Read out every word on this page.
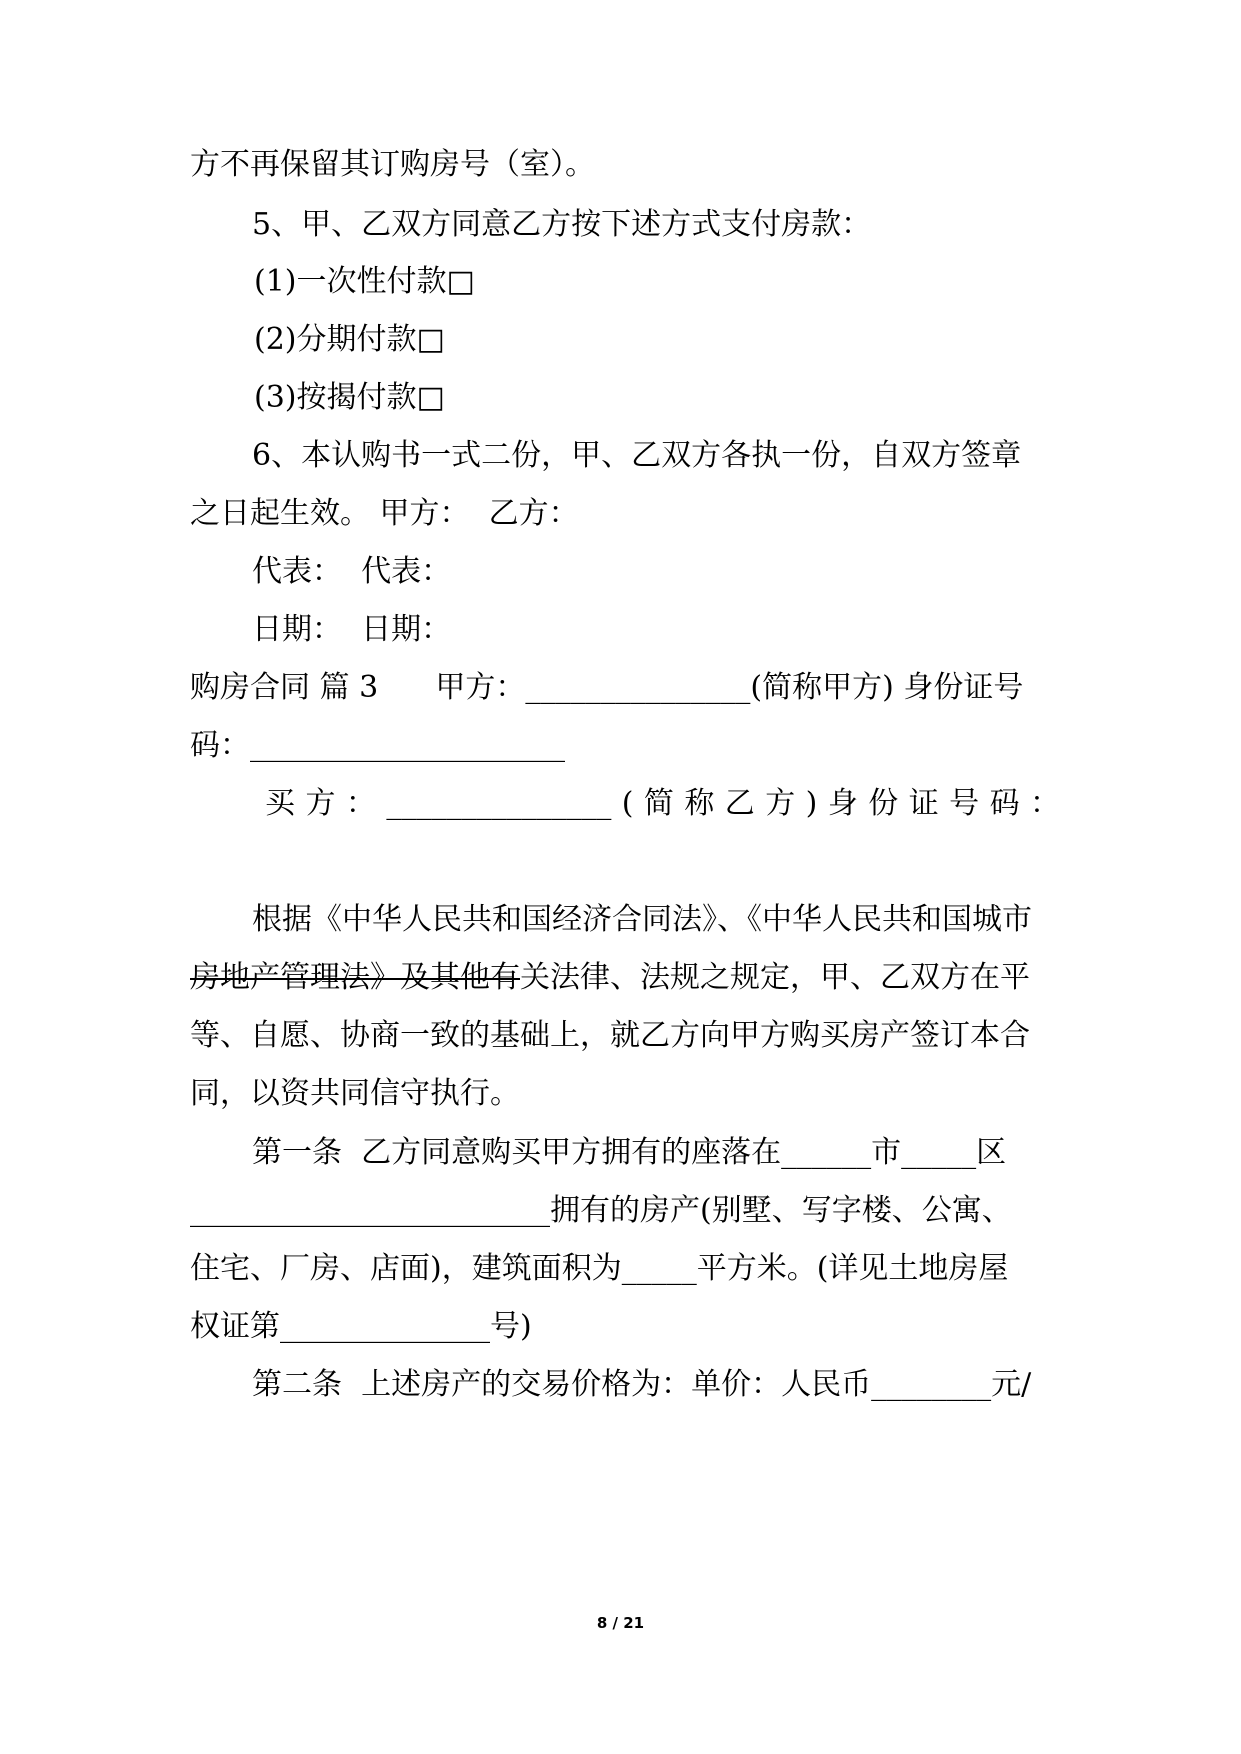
方不再保留其订购房号（室）。
5、甲、乙双方同意乙方按下述方式支付房款：
(1)一次性付款□
(2)分期付款□
(3)按揭付款□
6、本认购书一式二份，甲、乙双方各执一份，自双方签章
之日起生效。 甲方：  乙方：
代表：  代表：
日期：  日期：
购房合同 篇 3      甲方：_______________(简称甲方) 身份证号
码：_____________________
买 方 ： _______________ ( 简 称 乙 方 ) 身 份 证 号 码 ：
根据《中华人民共和国经济合同法》、《中华人民共和国城市
房地产管理法》及其他有关法律、法规之规定，甲、乙双方在平
等、自愿、协商一致的基础上，就乙方向甲方购买房产签订本合
同，以资共同信守执行。
第一条  乙方同意购买甲方拥有的座落在______市_____区
________________________拥有的房产(别墅、写字楼、公寓、
住宅、厂房、店面)，建筑面积为_____平方米。(详见土地房屋
权证第______________号)
第二条  上述房产的交易价格为：单价：人民币________元/
8 / 21
